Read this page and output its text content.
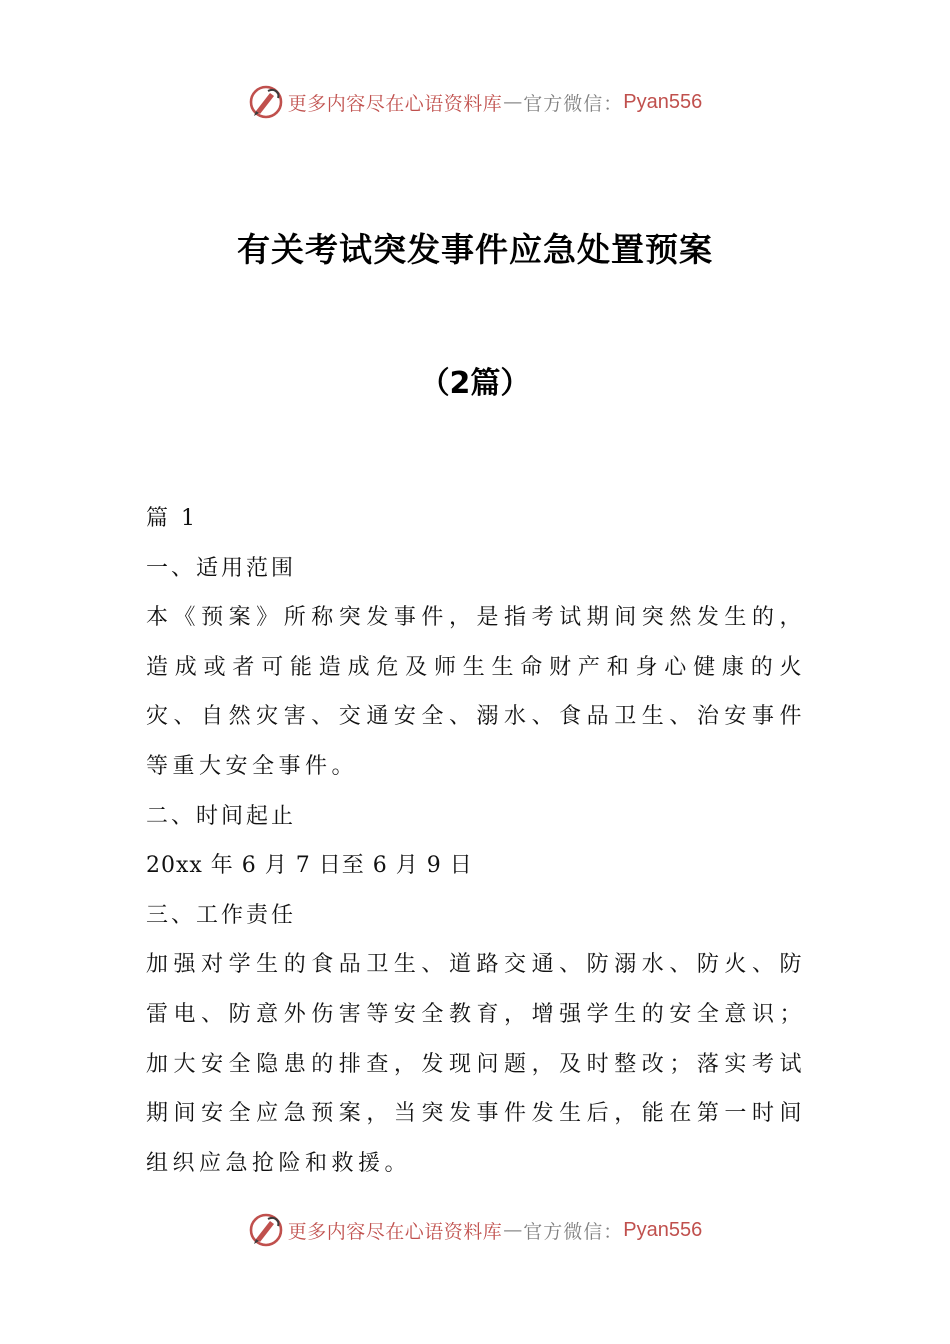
更多内容尽在心语资料库 — 官方微信： Pyan556
有关考试突发事件应急处置预案
（2篇）

篇 1

一、适用范围

本《预案》所称突发事件，是指考试期间突然发生的，造成或者可能造成危及师生生命财产和身心健康的火灾、自然灾害、交通安全、溺水、食品卫生、治安事件等重大安全事件。

二、时间起止

20xx 年 6 月 7 日至 6 月 9 日

三、工作责任

加强对学生的食品卫生、道路交通、防溺水、防火、防雷电、防意外伤害等安全教育，增强学生的安全意识；加大安全隐患的排查，发现问题，及时整改；落实考试期间安全应急预案，当突发事件发生后，能在第一时间组织应急抢险和救援。

更多内容尽在心语资料库 — 官方微信： Pyan556
